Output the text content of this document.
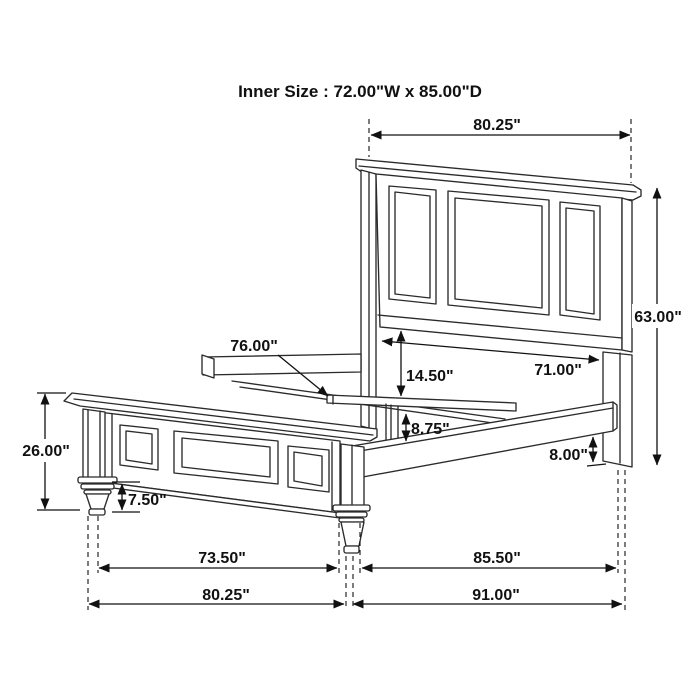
Inner Size : 72.00"W x 85.00"D
80.25"
63.00"
26.00"
76.00"
14.50"	71.00"
8.75"
8.00"
7.50"
73.50"	85.50"
80.25"	91.00"
